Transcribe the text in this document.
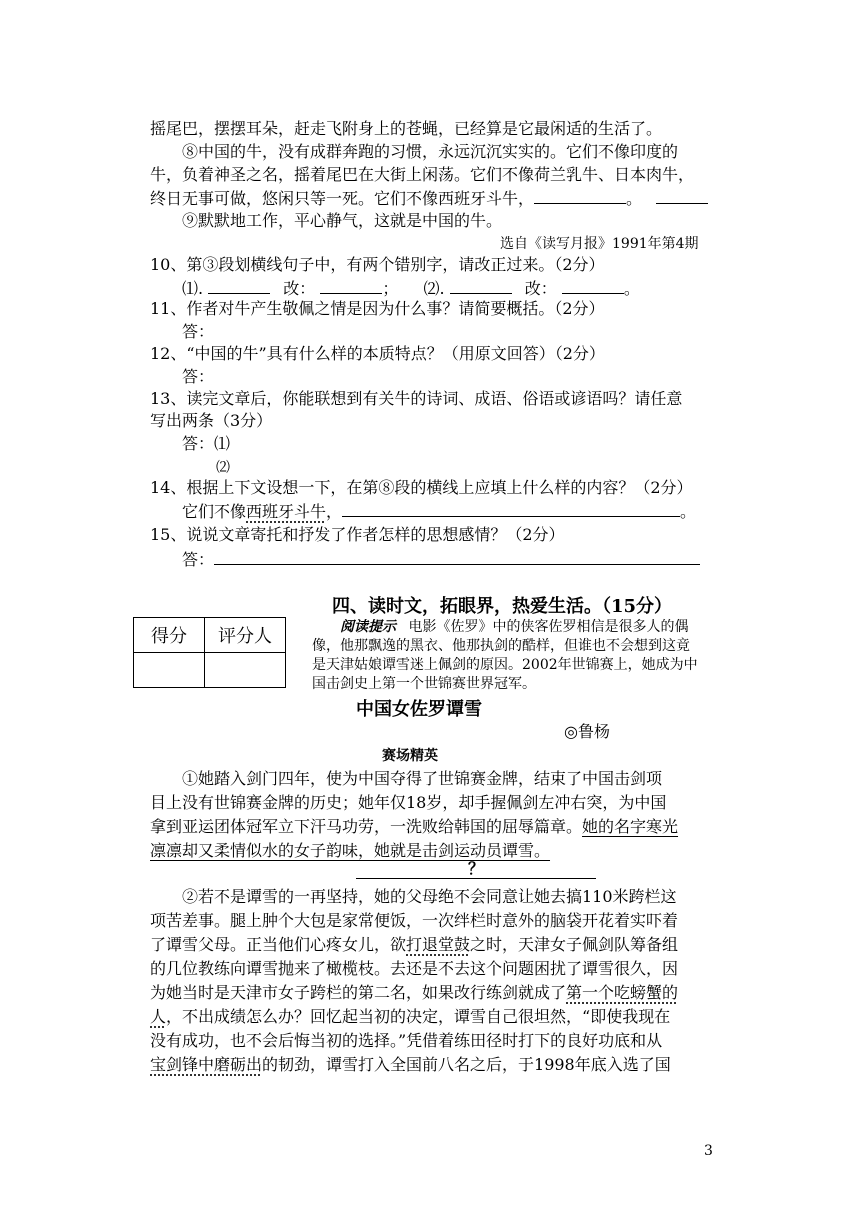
摇尾巴，摆摆耳朵，赶走飞附身上的苍蝇，已经算是它最闲适的生活了。
⑧中国的牛，没有成群奔跑的习惯，永远沉沉实实的。它们不像印度的
牛，负着神圣之名，摇着尾巴在大街上闲荡。它们不像荷兰乳牛、日本肉牛，
终日无事可做，悠闲只等一死。它们不像西班牙斗牛，	。
⑨默默地工作，平心静气，这就是中国的牛。
选自《读写月报》1991年第4期
10、第③段划横线句子中，有两个错别字，请改正过来。（2分）
⑴.	改：	； ⑵.	改：	。
11、作者对牛产生敬佩之情是因为什么事？请简要概括。（2分）
答：
12、“中国的牛”具有什么样的本质特点？（用原文回答）（2分）
答：
13、读完文章后，你能联想到有关牛的诗词、成语、俗语或谚语吗？请任意
写出两条（3分）
答：⑴
⑵
14、根据上下文设想一下，在第⑧段的横线上应填上什么样的内容？（2分）
它们不像西班牙斗牛，	。
15、说说文章寄托和抒发了作者怎样的思想感情？（2分）
答：
四、读时文，拓眼界，热爱生活。（15分）
得分	评分人
		阅读提示 电影《佐罗》中的侠客佐罗相信是很多人的偶
像，他那飘逸的黑衣、他那执剑的酷样，但谁也不会想到这竟
是天津姑娘谭雪迷上佩剑的原因。2002年世锦赛上，她成为中
国击剑史上第一个世锦赛世界冠军。
中国女佐罗谭雪
◎鲁杨
赛场精英
①她踏入剑门四年，使为中国夺得了世锦赛金牌，结束了中国击剑项
目上没有世锦赛金牌的历史；她年仅18岁，却手握佩剑左冲右突，为中国
拿到亚运团体冠军立下汗马功劳，一洗败给韩国的屈辱篇章。她的名字寒光
凛凛却又柔情似水的女子韵味，她就是击剑运动员谭雪。
？
②若不是谭雪的一再坚持，她的父母绝不会同意让她去搞110米跨栏这
项苦差事。腿上肿个大包是家常便饭，一次绊栏时意外的脑袋开花着实吓着
了谭雪父母。正当他们心疼女儿，欲打退堂鼓之时，天津女子佩剑队筹备组
的几位教练向谭雪抛来了橄榄枝。去还是不去这个问题困扰了谭雪很久，因
为她当时是天津市女子跨栏的第二名，如果改行练剑就成了第一个吃螃蟹的
人，不出成绩怎么办？回忆起当初的决定，谭雪自己很坦然，“即使我现在
没有成功，也不会后悔当初的选择。”凭借着练田径时打下的良好功底和从
宝剑锋中磨砺出的韧劲，谭雪打入全国前八名之后，于1998年底入选了国
3
